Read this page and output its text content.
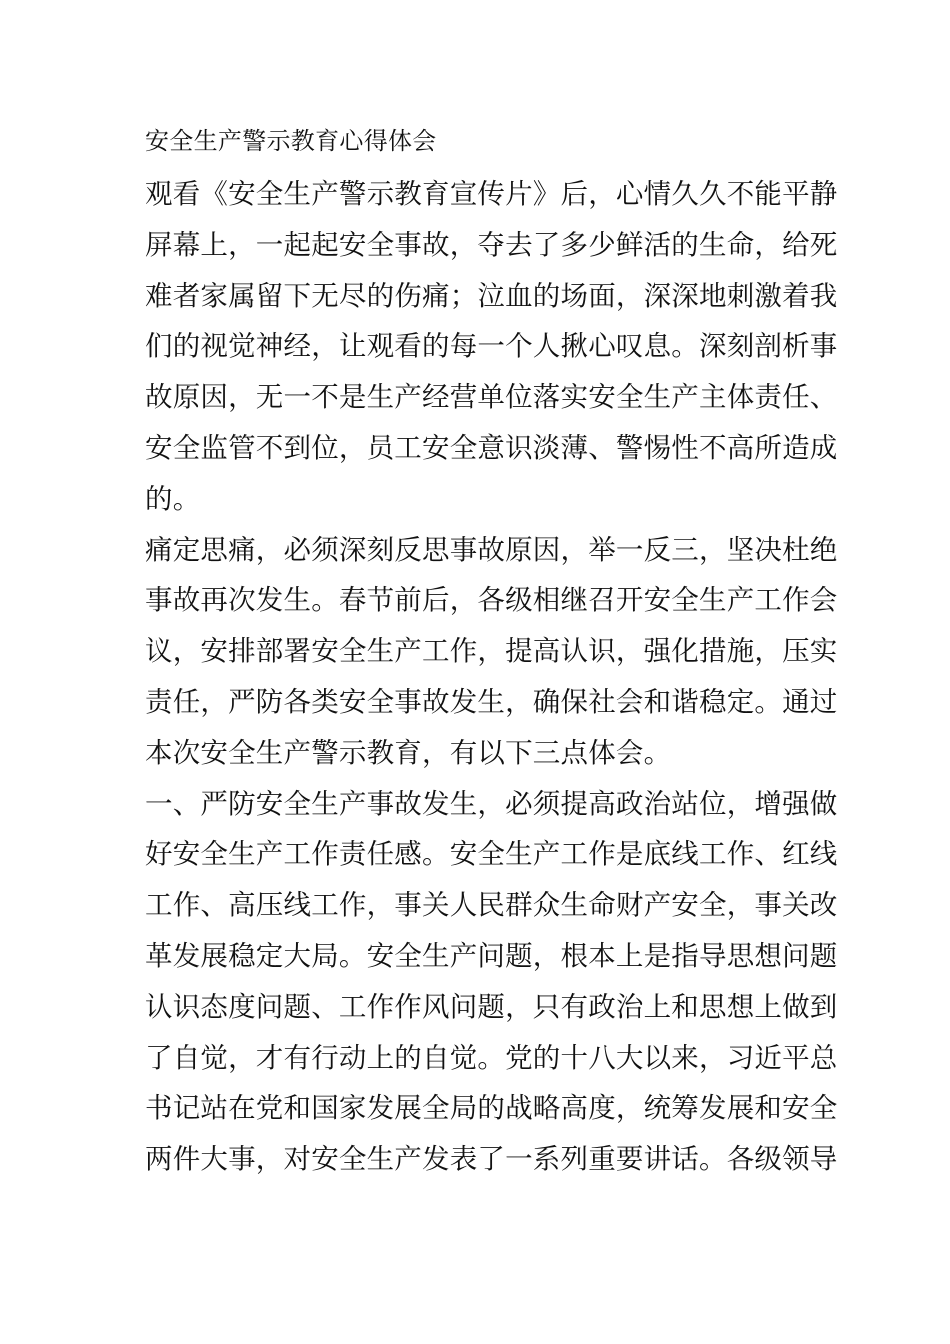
安全生产警示教育心得体会
观看《安全生产警示教育宣传片》后，心情久久不能平静
屏幕上，一起起安全事故，夺去了多少鲜活的生命，给死
难者家属留下无尽的伤痛；泣血的场面，深深地刺激着我
们的视觉神经，让观看的每一个人揪心叹息。深刻剖析事
故原因，无一不是生产经营单位落实安全生产主体责任、
安全监管不到位，员工安全意识淡薄、警惕性不高所造成
的。
痛定思痛，必须深刻反思事故原因，举一反三，坚决杜绝
事故再次发生。春节前后，各级相继召开安全生产工作会
议，安排部署安全生产工作，提高认识，强化措施，压实
责任，严防各类安全事故发生，确保社会和谐稳定。通过
本次安全生产警示教育，有以下三点体会。
一、严防安全生产事故发生，必须提高政治站位，增强做
好安全生产工作责任感。安全生产工作是底线工作、红线
工作、高压线工作，事关人民群众生命财产安全，事关改
革发展稳定大局。安全生产问题，根本上是指导思想问题
认识态度问题、工作作风问题，只有政治上和思想上做到
了自觉，才有行动上的自觉。党的十八大以来，习近平总
书记站在党和国家发展全局的战略高度，统筹发展和安全
两件大事，对安全生产发表了一系列重要讲话。各级领导
